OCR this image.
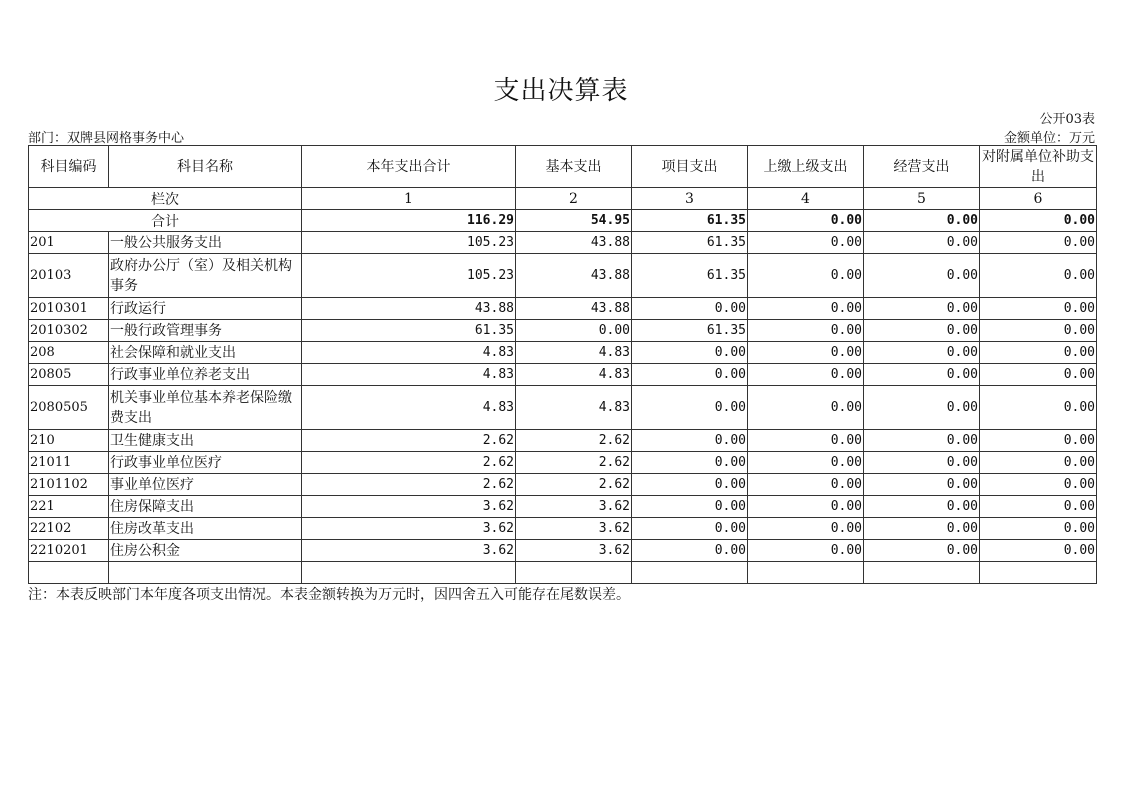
支出决算表
公开03表
部门：双牌县网格事务中心	金额单位：万元
科目编码	科目名称	本年支出合计	基本支出	项目支出	上缴上级支出	经营支出	对附属单位补助支出
栏次		1	2	3	4	5	6
合计		116.29	54.95	61.35	0.00	0.00	0.00
201	一般公共服务支出	105.23	43.88	61.35	0.00	0.00	0.00
20103	政府办公厅（室）及相关机构事务	105.23	43.88	61.35	0.00	0.00	0.00
2010301	行政运行	43.88	43.88	0.00	0.00	0.00	0.00
2010302	一般行政管理事务	61.35	0.00	61.35	0.00	0.00	0.00
208	社会保障和就业支出	4.83	4.83	0.00	0.00	0.00	0.00
20805	行政事业单位养老支出	4.83	4.83	0.00	0.00	0.00	0.00
2080505	机关事业单位基本养老保险缴费支出	4.83	4.83	0.00	0.00	0.00	0.00
210	卫生健康支出	2.62	2.62	0.00	0.00	0.00	0.00
21011	行政事业单位医疗	2.62	2.62	0.00	0.00	0.00	0.00
2101102	事业单位医疗	2.62	2.62	0.00	0.00	0.00	0.00
221	住房保障支出	3.62	3.62	0.00	0.00	0.00	0.00
22102	住房改革支出	3.62	3.62	0.00	0.00	0.00	0.00
2210201	住房公积金	3.62	3.62	0.00	0.00	0.00	0.00

注：本表反映部门本年度各项支出情况。本表金额转换为万元时，因四舍五入可能存在尾数误差。
